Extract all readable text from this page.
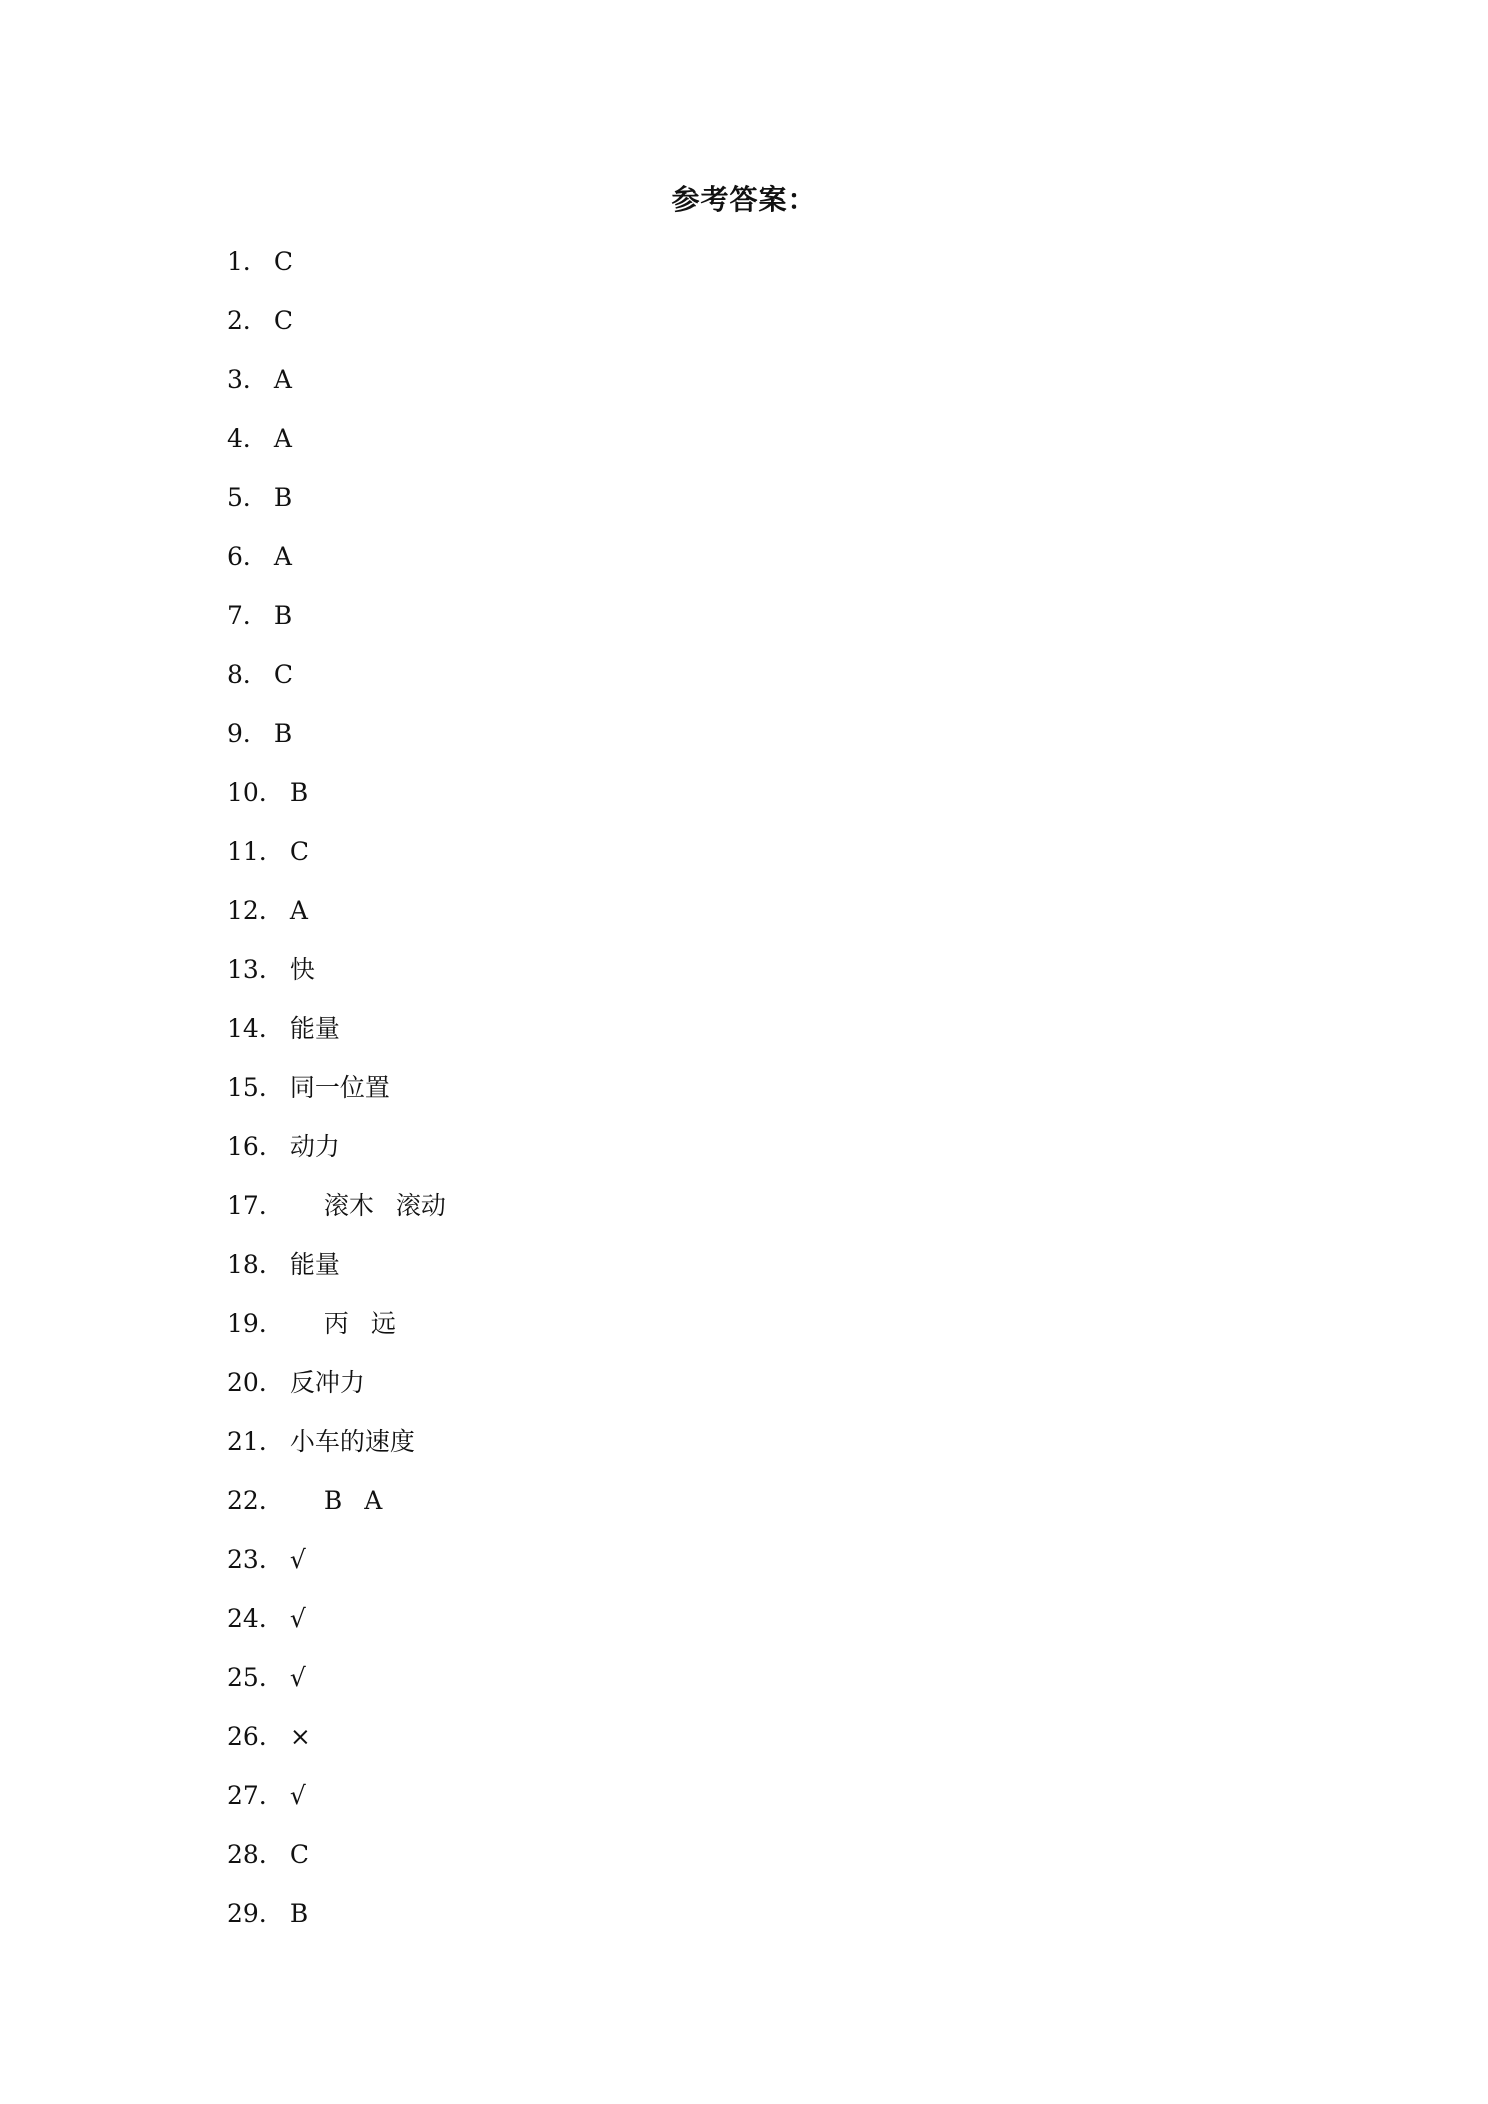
参考答案：
1 ． C
2 ． C
3 ． A
4 ． A
5 ． B
6 ． A
7 ． B
8 ． C
9 ． B
10 ． B
11 ． C
12 ． A
13 ． 快
14 ． 能量
15 ． 同一位置
16 ． 动力
17 ． 滚木 滚动
18 ． 能量
19 ． 丙 远
20 ． 反冲力
21 ． 小车的速度
22 ． B A
23 ． √
24 ． √
25 ． √
26 ． ×
27 ． √
28 ． C
29 ． B
